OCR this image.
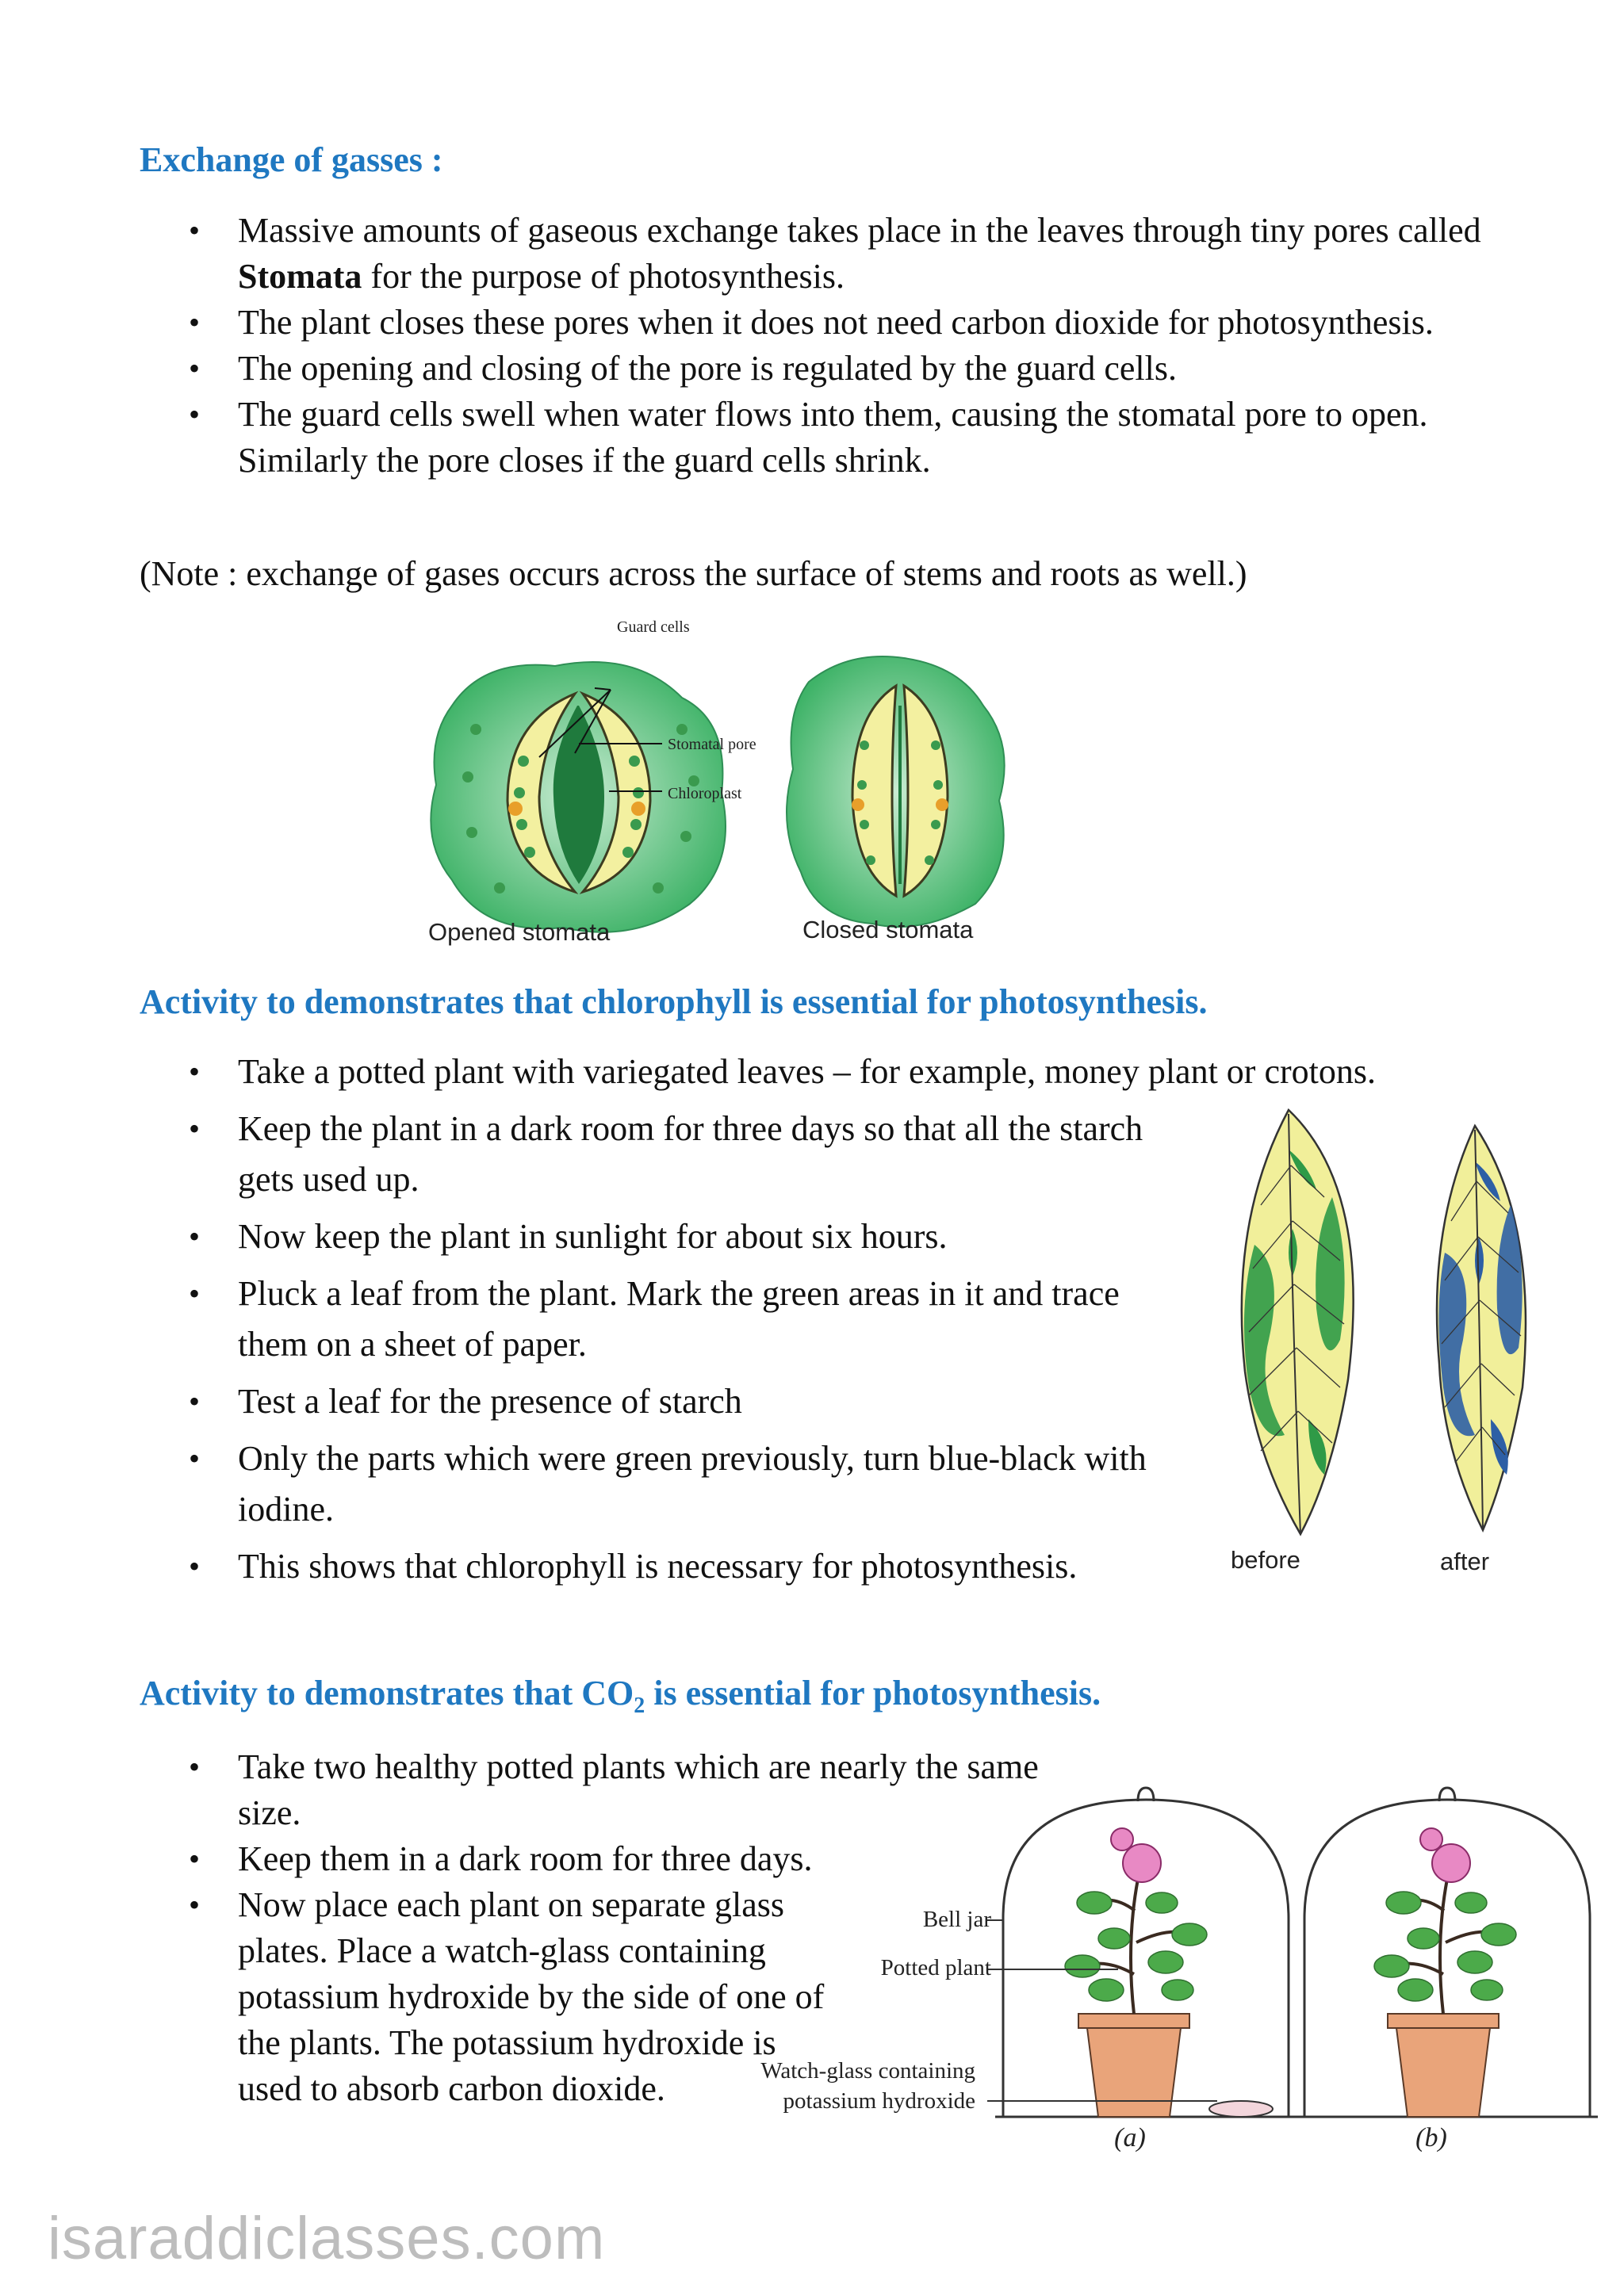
Exchange of gasses :
• Massive amounts of gaseous exchange takes place in the leaves through tiny pores called Stomata for the purpose of photosynthesis.
• The plant closes these pores when it does not need carbon dioxide for photosynthesis.
• The opening and closing of the pore is regulated by the guard cells.
• The guard cells swell when water flows into them, causing the stomatal pore to open. Similarly the pore closes if the guard cells shrink.
(Note : exchange of gases occurs across the surface of stems and roots as well.)
Guard cells
Stomatal pore
Chloroplast
Opened stomata	Closed stomata
Activity to demonstrates that chlorophyll is essential for photosynthesis.
• Take a potted plant with variegated leaves – for example, money plant or crotons.
• Keep the plant in a dark room for three days so that all the starch gets used up.
• Now keep the plant in sunlight for about six hours.
• Pluck a leaf from the plant. Mark the green areas in it and trace them on a sheet of paper.
• Test a leaf for the presence of starch
• Only the parts which were green previously, turn blue-black with iodine.
• This shows that chlorophyll is necessary for photosynthesis.	before	after
Activity to demonstrates that $CO_2$ is essential for photosynthesis.
• Take two healthy potted plants which are nearly the same size.
• Keep them in a dark room for three days.
• Now place each plant on separate glass plates. Place a watch-glass containing potassium hydroxide by the side of one of the plants. The potassium hydroxide is used to absorb carbon dioxide.
Bell jar
Potted plant
Watch-glass containing
potassium hydroxide
(a)	(b)
isaraddiclasses.com
